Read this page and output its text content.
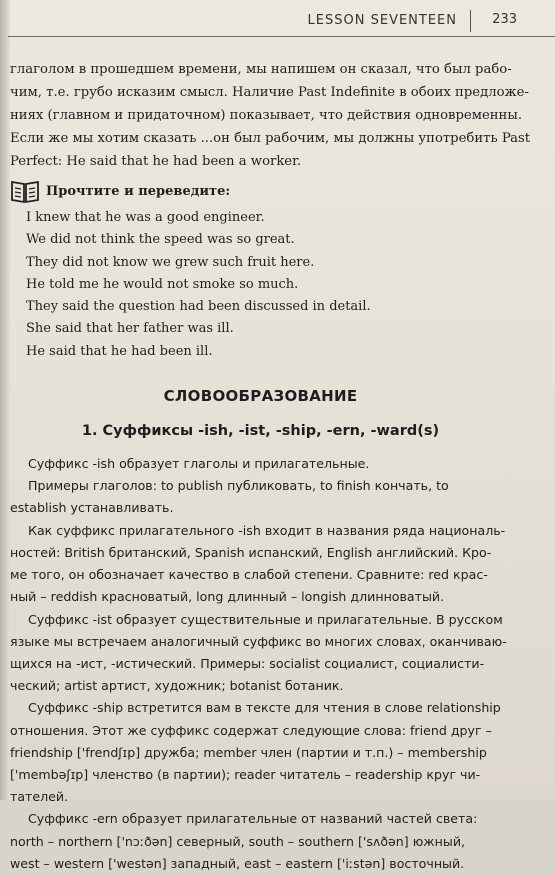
LESSON SEVENTEEN	233
глаголом в прошедшем времени, мы напишем он сказал, что был рабо-
чим, т.е. грубо исказим смысл. Наличие Past Indefinite в обоих предложе-
ниях (главном и придаточном) показывает, что действия одновременны.
Если же мы хотим сказать ...он был рабочим, мы должны употребить Past
Perfect: He said that he had been a worker.
Прочтите и переведите:
I knew that he was a good engineer.
We did not think the speed was so great.
They did not know we grew such fruit here.
He told me he would not smoke so much.
They said the question had been discussed in detail.
She said that her father was ill.
He said that he had been ill.
СЛОВООБРАЗОВАНИЕ
1. Суффиксы -ish, -ist, -ship, -ern, -ward(s)
Суффикс -ish образует глаголы и прилагательные.
Примеры глаголов: to publish публиковать, to finish кончать, to
establish устанавливать.
Как суффикс прилагательного -ish входит в названия ряда националь-
ностей: British британский, Spanish испанский, English английский. Кро-
ме того, он обозначает качество в слабой степени. Сравните: red крас-
ный – reddish красноватый, long длинный – longish длинноватый.
Суффикс -ist образует существительные и прилагательные. В русском
языке мы встречаем аналогичный суффикс во многих словах, оканчиваю-
щихся на -ист, -истический. Примеры: socialist социалист, социалисти-
ческий; artist артист, художник; botanist ботаник.
Суффикс -ship встретится вам в тексте для чтения в слове relationship
отношения. Этот же суффикс содержат следующие слова: friend друг –
friendship ['frendʃɪp] дружба; member член (партии и т.п.) – membership
['membəʃɪp] членство (в партии); reader читатель – readership круг чи-
тателей.
Суффикс -ern образует прилагательные от названий частей света:
north – northern ['nɔːðən] северный, south – southern ['sʌðən] южный,
west – western ['westən] западный, east – eastern ['iːstən] восточный.
